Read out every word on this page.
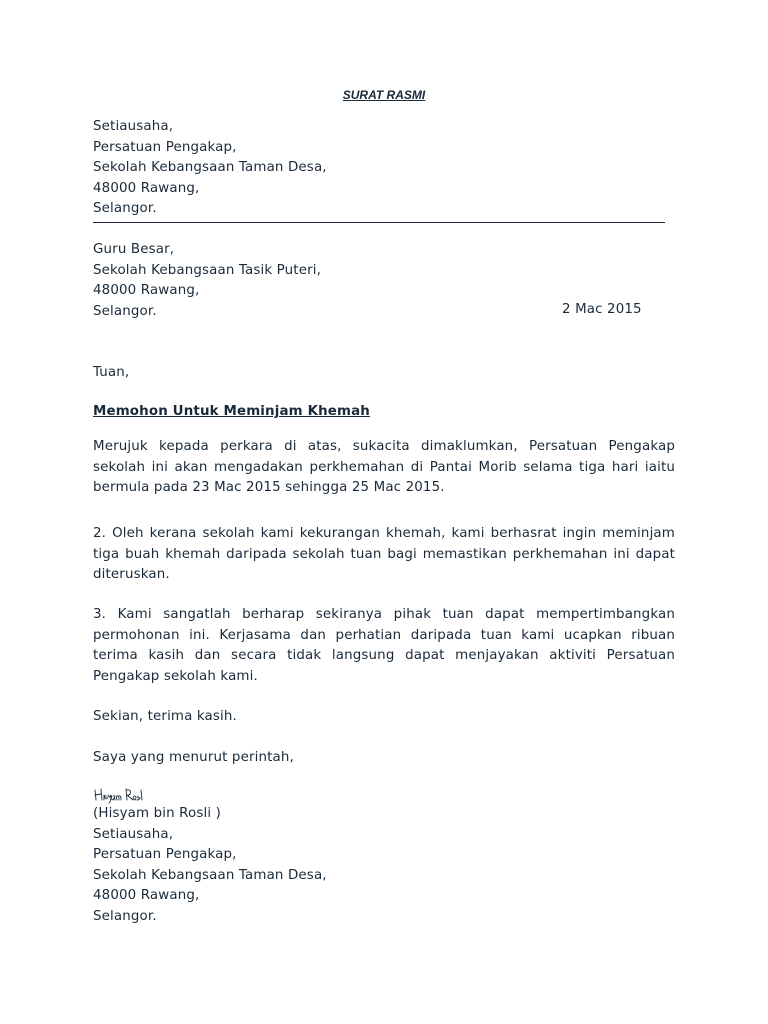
SURAT RASMI
Setiausaha,
Persatuan Pengakap,
Sekolah Kebangsaan Taman Desa,
48000 Rawang,
Selangor.
Guru Besar,
Sekolah Kebangsaan Tasik Puteri,
48000 Rawang,
Selangor.	2 Mac 2015
Tuan,
Memohon Untuk Meminjam Khemah
Merujuk kepada perkara di atas, sukacita dimaklumkan, Persatuan Pengakap sekolah ini akan mengadakan perkhemahan di Pantai Morib selama tiga hari iaitu bermula pada 23 Mac 2015 sehingga 25 Mac 2015.
2. Oleh kerana sekolah kami kekurangan khemah, kami berhasrat ingin meminjam tiga buah khemah daripada sekolah tuan bagi memastikan perkhemahan ini dapat diteruskan.
3. Kami sangatlah berharap sekiranya pihak tuan dapat mempertimbangkan permohonan ini. Kerjasama dan perhatian daripada tuan kami ucapkan ribuan terima kasih dan secara tidak langsung dapat menjayakan aktiviti Persatuan Pengakap sekolah kami.
Sekian, terima kasih.
Saya yang menurut perintah,
(Hisyam bin Rosli )
Setiausaha,
Persatuan Pengakap,
Sekolah Kebangsaan Taman Desa,
48000 Rawang,
Selangor.
